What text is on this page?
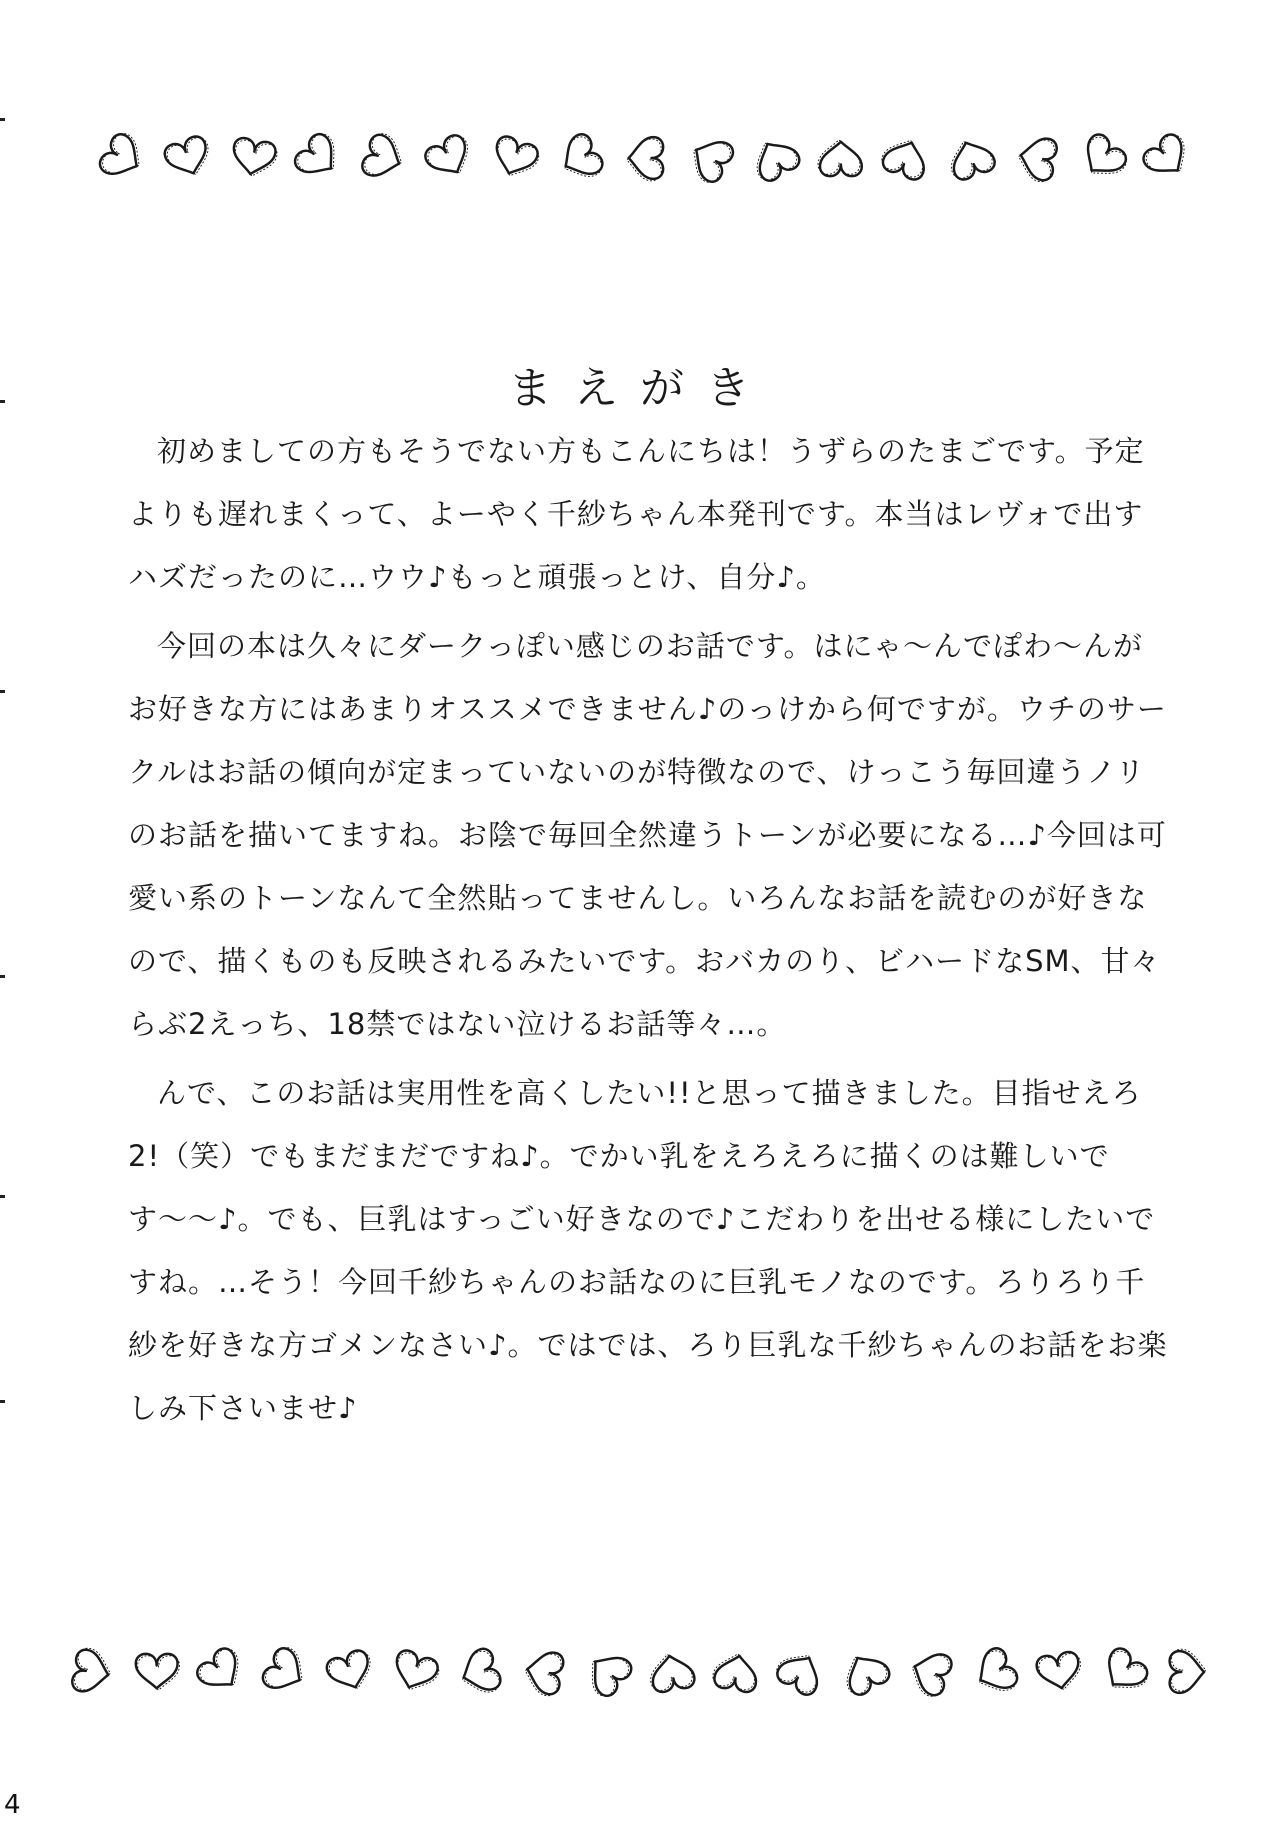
まえがき

初めましての方もそうでない方もこんにちは！うずらのたまごです。予定よりも遅れまくって、よーやく千紗ちゃん本発刊です。本当はレヴォで出すハズだったのに…ウウ♪もっと頑張っとけ、自分♪。

今回の本は久々にダークっぽい感じのお話です。はにゃ〜んでぽわ〜んがお好きな方にはあまりオススメできません♪のっけから何ですが。ウチのサークルはお話の傾向が定まっていないのが特徴なので、けっこう毎回違うノリのお話を描いてますね。お陰で毎回全然違うトーンが必要になる…♪今回は可愛い系のトーンなんて全然貼ってませんし。いろんなお話を読むのが好きなので、描くものも反映されるみたいです。おバカのり、ビハードなSM、甘々らぶ2えっち、18禁ではない泣けるお話等々…。

んで、このお話は実用性を高くしたい!!と思って描きました。目指せえろ2!（笑）でもまだまだですね♪。でかい乳をえろえろに描くのは難しいです〜〜♪。でも、巨乳はすっごい好きなので♪こだわりを出せる様にしたいですね。…そう！今回千紗ちゃんのお話なのに巨乳モノなのです。ろりろり千紗を好きな方ゴメンなさい♪。ではでは、ろり巨乳な千紗ちゃんのお話をお楽しみ下さいませ♪

4
